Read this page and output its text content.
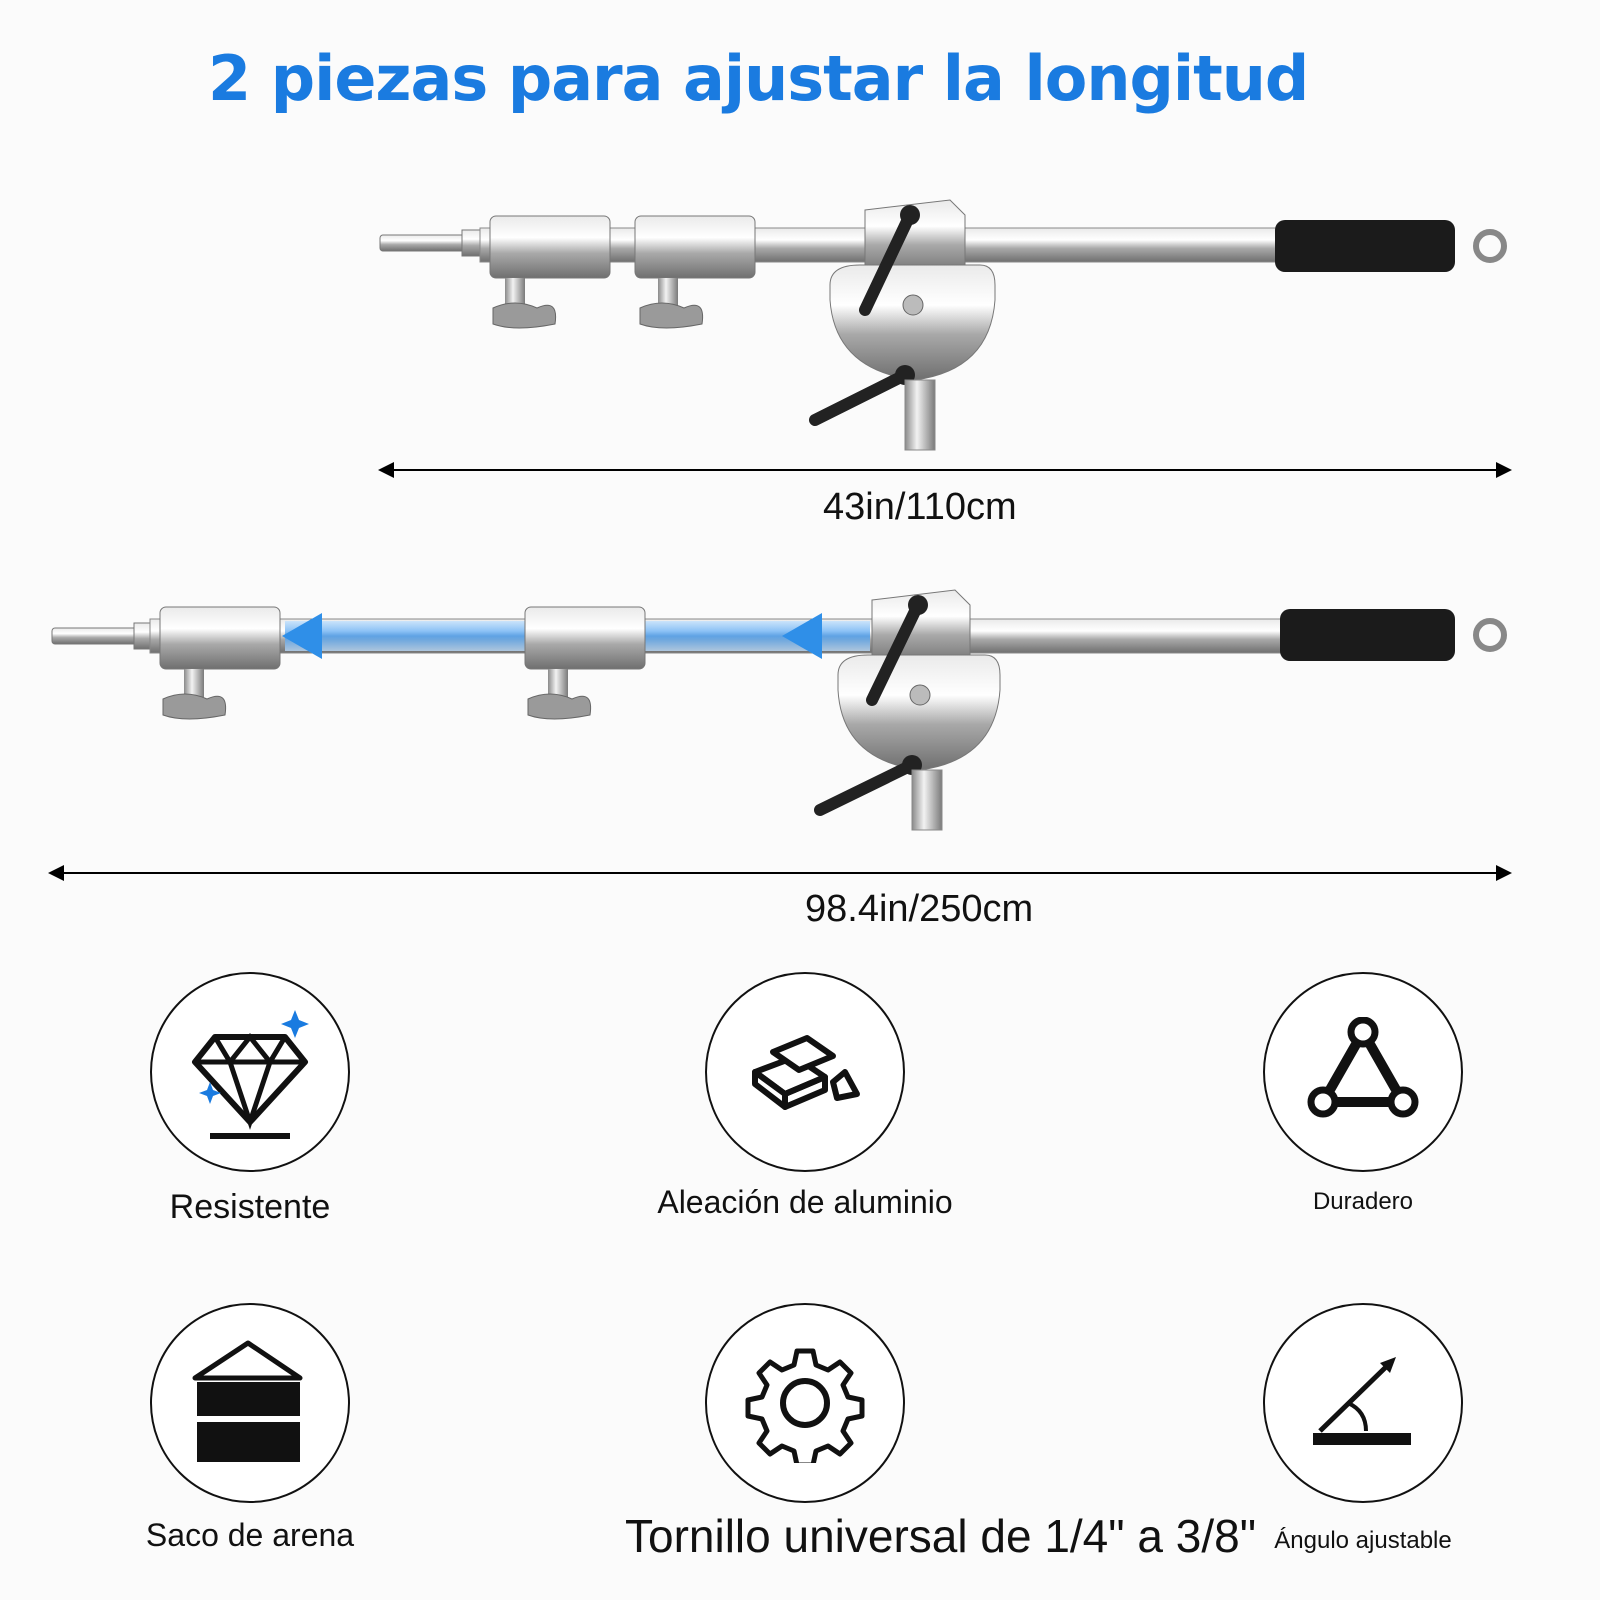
2 piezas para ajustar la longitud
43in/110cm
98.4in/250cm
Resistente	Aleación de aluminio	Duradero
Saco de arena	Tornillo universal de 1/4" a 3/8" Ángulo ajustable
